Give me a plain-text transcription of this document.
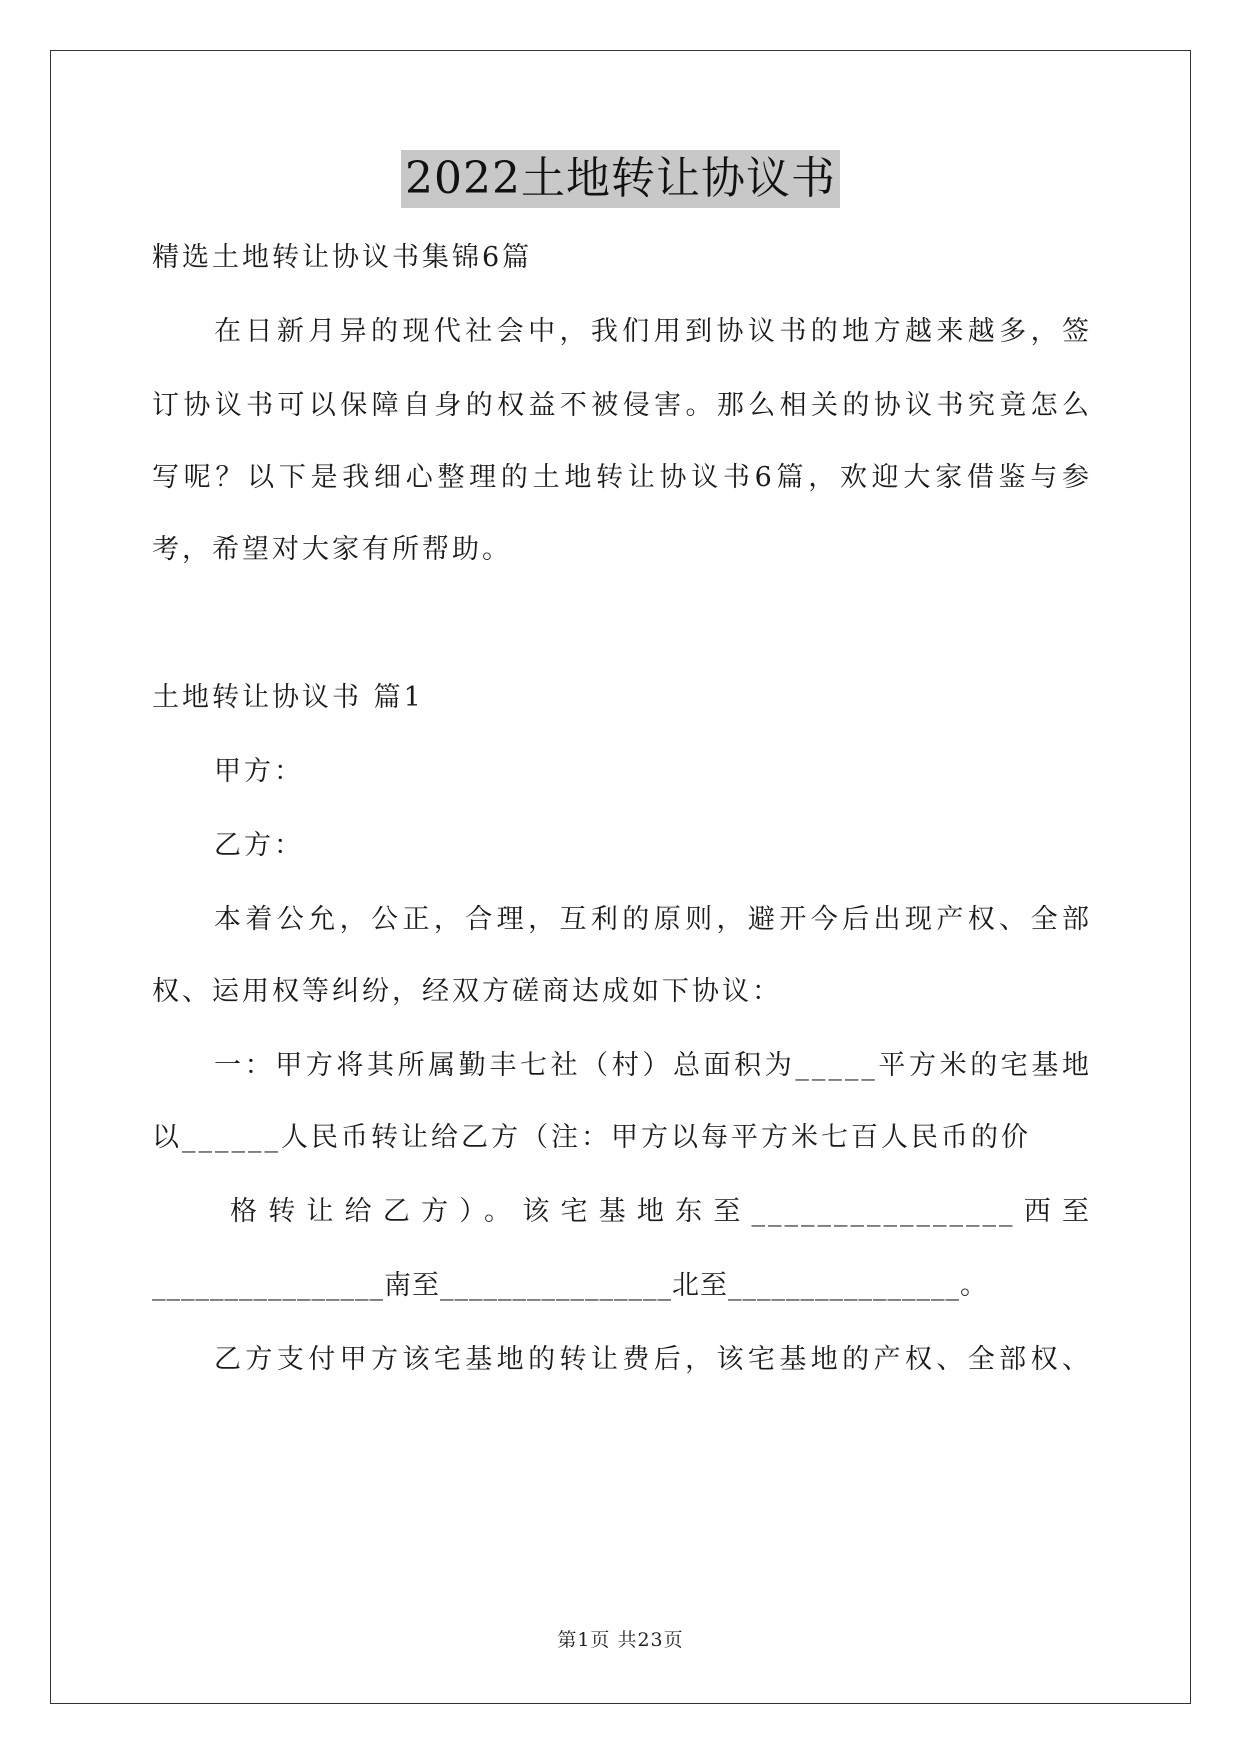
2022土地转让协议书
精选土地转让协议书集锦6篇
在日新月异的现代社会中，我们用到协议书的地方越来越多，签
订协议书可以保障自身的权益不被侵害。那么相关的协议书究竟怎么
写呢？以下是我细心整理的土地转让协议书6篇，欢迎大家借鉴与参
考，希望对大家有所帮助。
土地转让协议书 篇1
甲方：
乙方：
本着公允，公正，合理，互利的原则，避开今后出现产权、全部
权、运用权等纠纷，经双方磋商达成如下协议：
一：甲方将其所属勤丰七社（村）总面积为_____平方米的宅基地
以______人民币转让给乙方（注：甲方以每平方米七百人民币的价
格转让给乙方）。该宅基地东至________________西至
________________南至________________北至________________。
乙方支付甲方该宅基地的转让费后，该宅基地的产权、全部权、
第1页 共23页
